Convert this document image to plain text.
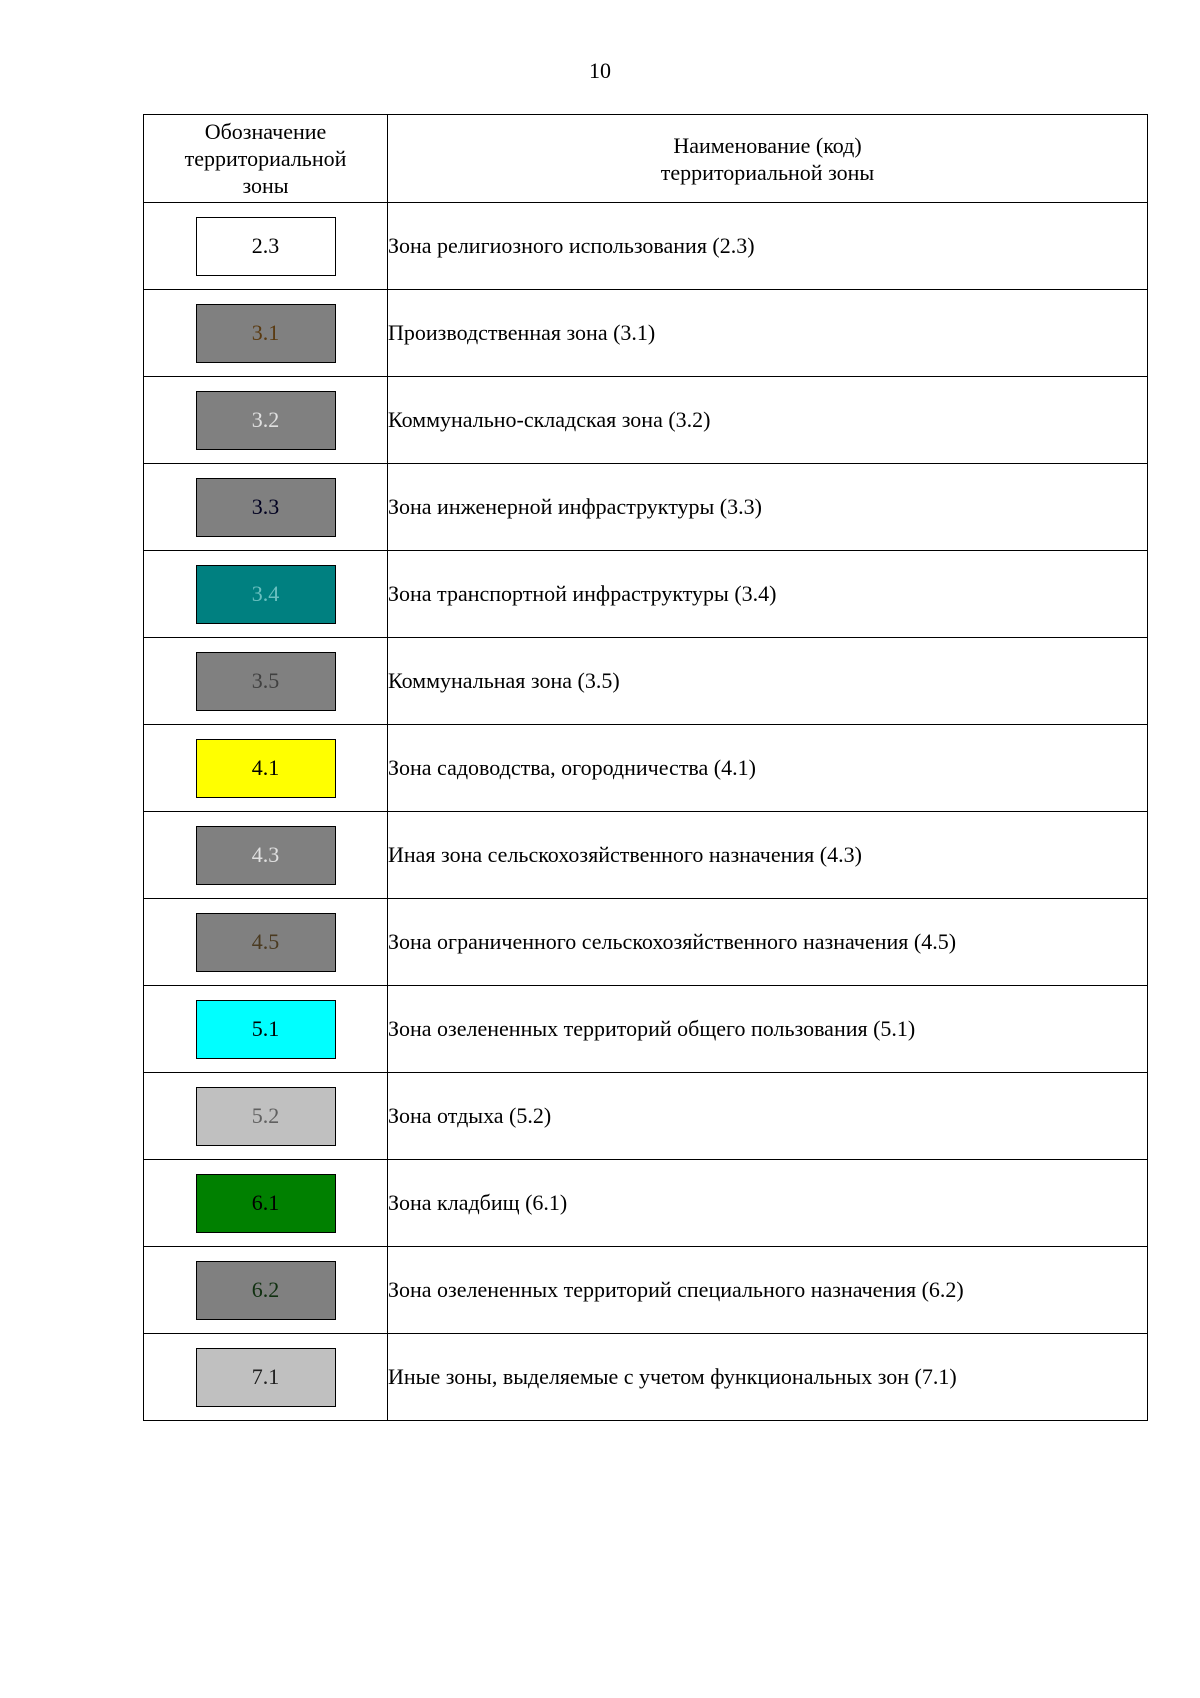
10
Обозначение
территориальной
зоны	Наименование (код)
территориальной зоны
2.3	Зона религиозного использования (2.3)
3.1	Производственная зона (3.1)
3.2	Коммунально-складская зона (3.2)
3.3	Зона инженерной инфраструктуры (3.3)
3.4	Зона транспортной инфраструктуры (3.4)
3.5	Коммунальная зона (3.5)
4.1	Зона садоводства, огородничества (4.1)
4.3	Иная зона сельскохозяйственного назначения (4.3)
4.5	Зона ограниченного сельскохозяйственного назначения (4.5)
5.1	Зона озелененных территорий общего пользования (5.1)
5.2	Зона отдыха (5.2)
6.1	Зона кладбищ (6.1)
6.2	Зона озелененных территорий специального назначения (6.2)
7.1	Иные зоны, выделяемые с учетом функциональных зон (7.1)
